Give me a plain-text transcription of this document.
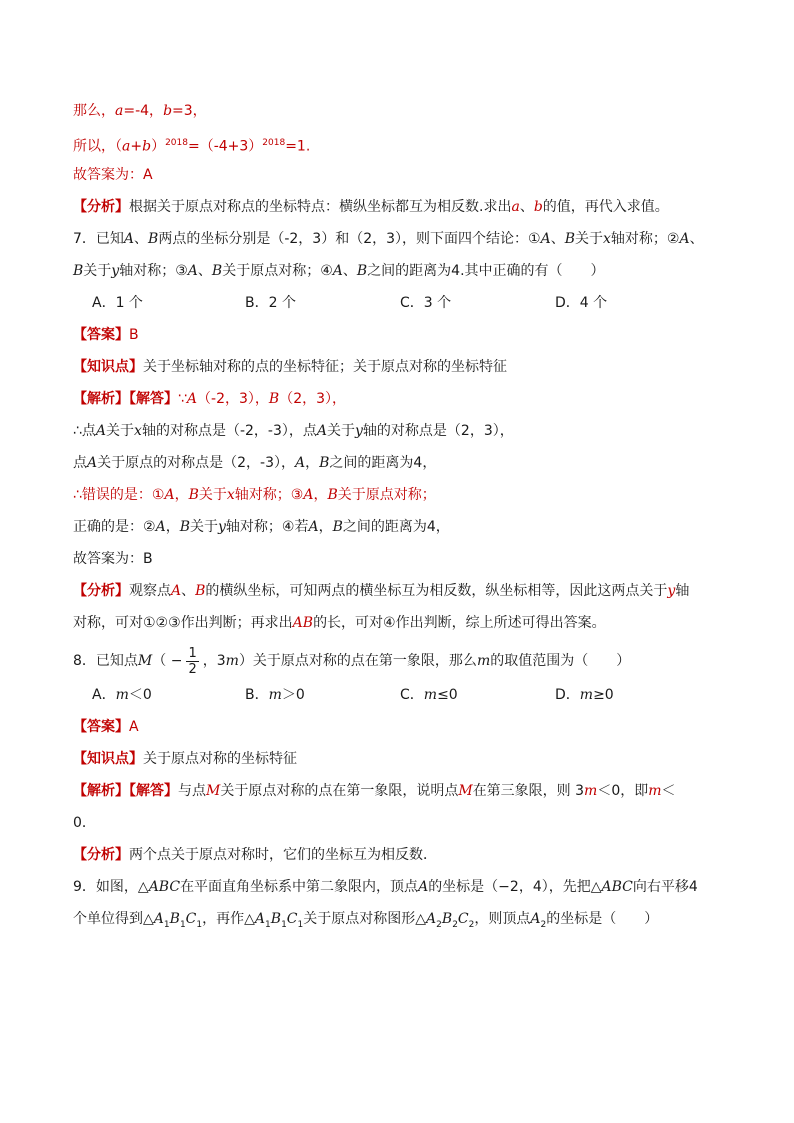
那么，a=-4，b=3，
所以，$(a+b)^{2018}=(-4+3)^{2018}=1$.
故答案为：A
【分析】根据关于原点对称点的坐标特点：横纵坐标都互为相反数.求出a、b的值，再代入求值。
7．已知A、B两点的坐标分别是（-2，3）和（2，3），则下面四个结论：①A、B关于x轴对称；②A、
B关于y轴对称；③A、B关于原点对称；④A、B之间的距离为4.其中正确的有（　　）
A．1 个	B．2 个	C．3 个	D．4 个
【答案】B
【知识点】关于坐标轴对称的点的坐标特征；关于原点对称的坐标特征
【解析】【解答】∵A（-2，3），B（2，3），
∴点A关于x轴的对称点是（-2，-3），点A关于y轴的对称点是（2，3），
点A关于原点的对称点是（2，-3），A，B之间的距离为4，
∴错误的是：①A，B关于x轴对称；③A，B关于原点对称；
正确的是：②A，B关于y轴对称；④若A，B之间的距离为4，
故答案为：B
【分析】观察点A、B的横纵坐标，可知两点的横坐标互为相反数，纵坐标相等，因此这两点关于y轴
对称，可对①②③作出判断；再求出AB的长，可对④作出判断，综上所述可得出答案。
8．已知点$M( - \frac{1}{2}$ ，3m）关于原点对称的点在第一象限，那么m的取值范围为（　　）
A．m＜0	B．m＞0	C．m≤0	D．m≥0
【答案】A
【知识点】关于原点对称的坐标特征
【解析】【解答】与点M关于原点对称的点在第一象限，说明点M在第三象限，则 3m＜0，即m＜
0．
【分析】两个点关于原点对称时，它们的坐标互为相反数．
9．如图，△ABC在平面直角坐标系中第二象限内，顶点A的坐标是（−2，4），先把△ABC向右平移4
个单位得到$\triangle A_1B_1C_1$，再作$\triangle A_1B_1C_1$关于原点对称图形$\triangle A_2B_2C_2$，则顶点$A_2$的坐标是（　　）
